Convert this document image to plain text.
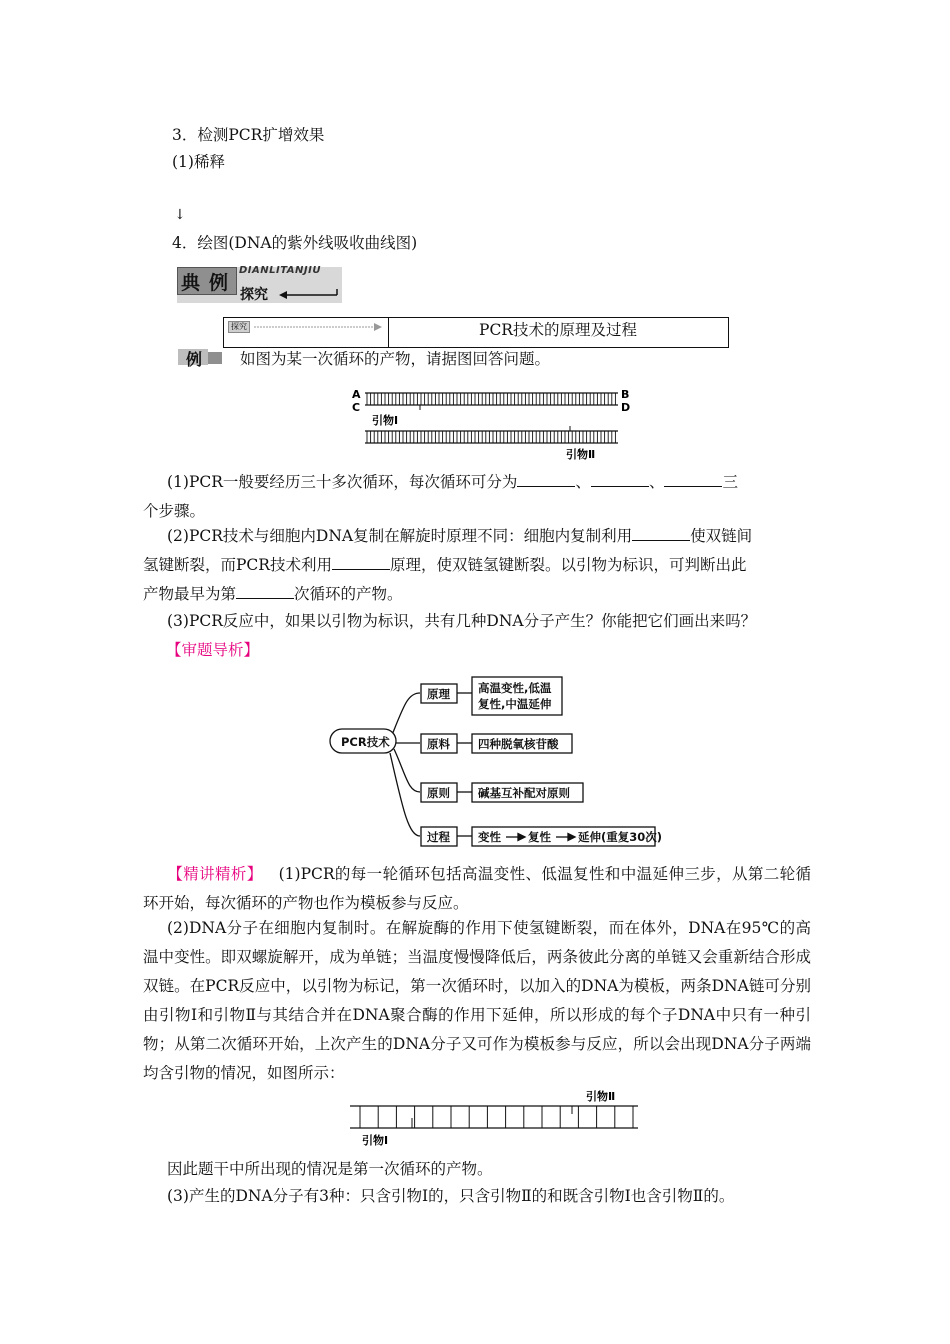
3．检测PCR扩增效果
(1)稀释
↓
4．绘图(DNA的紫外线吸收曲线图)
典 例
DIANLITANJIU
探究
探究	PCR技术的原理及过程
例 如图为某一次循环的产物，请据图回答问题。
A
C
B
D
引物Ⅰ
引物Ⅱ
(1)PCR一般要经历三十多次循环，每次循环可分为	、	、	三
个步骤。
(2)PCR技术与细胞内DNA复制在解旋时原理不同：细胞内复制利用	使双链间
氢键断裂，而PCR技术利用	原理，使双链氢键断裂。以引物为标识，可判断出此
产物最早为第	次循环的产物。
(3)PCR反应中，如果以引物为标识，共有几种DNA分子产生？你能把它们画出来吗？
【审题导析】
PCR技术
原理
原料
原则
过程
高温变性,低温
复性,中温延伸
四种脱氧核苷酸
碱基互补配对原则
变性 复性 延伸(重复30次)
【精讲精析】 (1)PCR的每一轮循环包括高温变性、低温复性和中温延伸三步，从第二轮循环开始，每次循环的产物也作为模板参与反应。
(2)DNA分子在细胞内复制时。在解旋酶的作用下使氢键断裂，而在体外，DNA在95℃的高温中变性。即双螺旋解开，成为单链；当温度慢慢降低后，两条彼此分离的单链又会重新结合形成双链。在PCR反应中，以引物为标记，第一次循环时，以加入的DNA为模板，两条DNA链可分别由引物Ⅰ和引物Ⅱ与其结合并在DNA聚合酶的作用下延伸，所以形成的每个子DNA中只有一种引物；从第二次循环开始，上次产生的DNA分子又可作为模板参与反应，所以会出现DNA分子两端均含引物的情况，如图所示：
引物Ⅱ
引物Ⅰ
因此题干中所出现的情况是第一次循环的产物。
(3)产生的DNA分子有3种：只含引物Ⅰ的，只含引物Ⅱ的和既含引物Ⅰ也含引物Ⅱ的。
